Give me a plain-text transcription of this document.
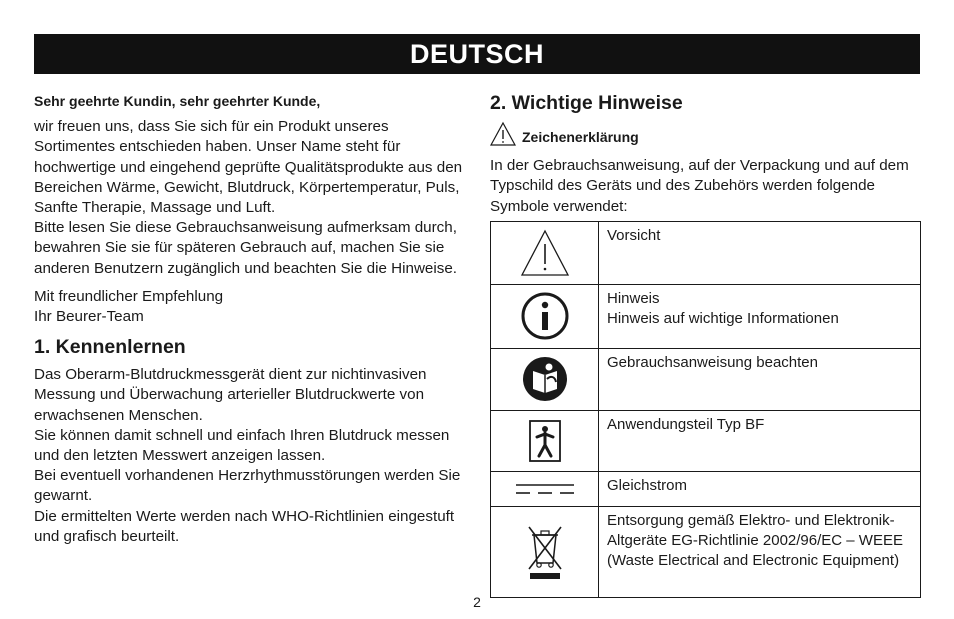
DEUTSCH

Sehr geehrte Kundin, sehr geehrter Kunde,

wir freuen uns, dass Sie sich für ein Produkt unseres Sortimentes entschieden haben. Unser Name steht für hochwertige und eingehend geprüfte Qualitätsprodukte aus den Bereichen Wärme, Gewicht, Blutdruck, Körpertemperatur, Puls, Sanfte Therapie, Massage und Luft.

Bitte lesen Sie diese Gebrauchsanweisung aufmerksam durch, bewahren Sie sie für späteren Gebrauch auf, machen Sie sie anderen Benutzern zugänglich und beachten Sie die Hinweise.

Mit freundlicher Empfehlung

Ihr Beurer-Team

1. Kennenlernen

Das Oberarm-Blutdruckmessgerät dient zur nichtinvasiven Messung und Überwachung arterieller Blutdruckwerte von erwachsenen Menschen.

Sie können damit schnell und einfach Ihren Blutdruck messen und den letzten Messwert anzeigen lassen.

Bei eventuell vorhandenen Herzrhythmusstörungen werden Sie gewarnt.

Die ermittelten Werte werden nach WHO-Richtlinien eingestuft und grafisch beurteilt.

2. Wichtige Hinweise
Zeichenerklärung

In der Gebrauchsanweisung, auf der Verpackung und auf dem Typschild des Geräts und des Zubehörs werden folgende Symbole verwendet:

Vorsicht

Hinweis
Hinweis auf wichtige Informationen

Gebrauchsanweisung beachten

Anwendungsteil Typ BF

Gleichstrom

Entsorgung gemäß Elektro- und Elektronik-Altgeräte EG-Richtlinie 2002/96/EC – WEEE (Waste Electrical and Electronic Equipment)
2
